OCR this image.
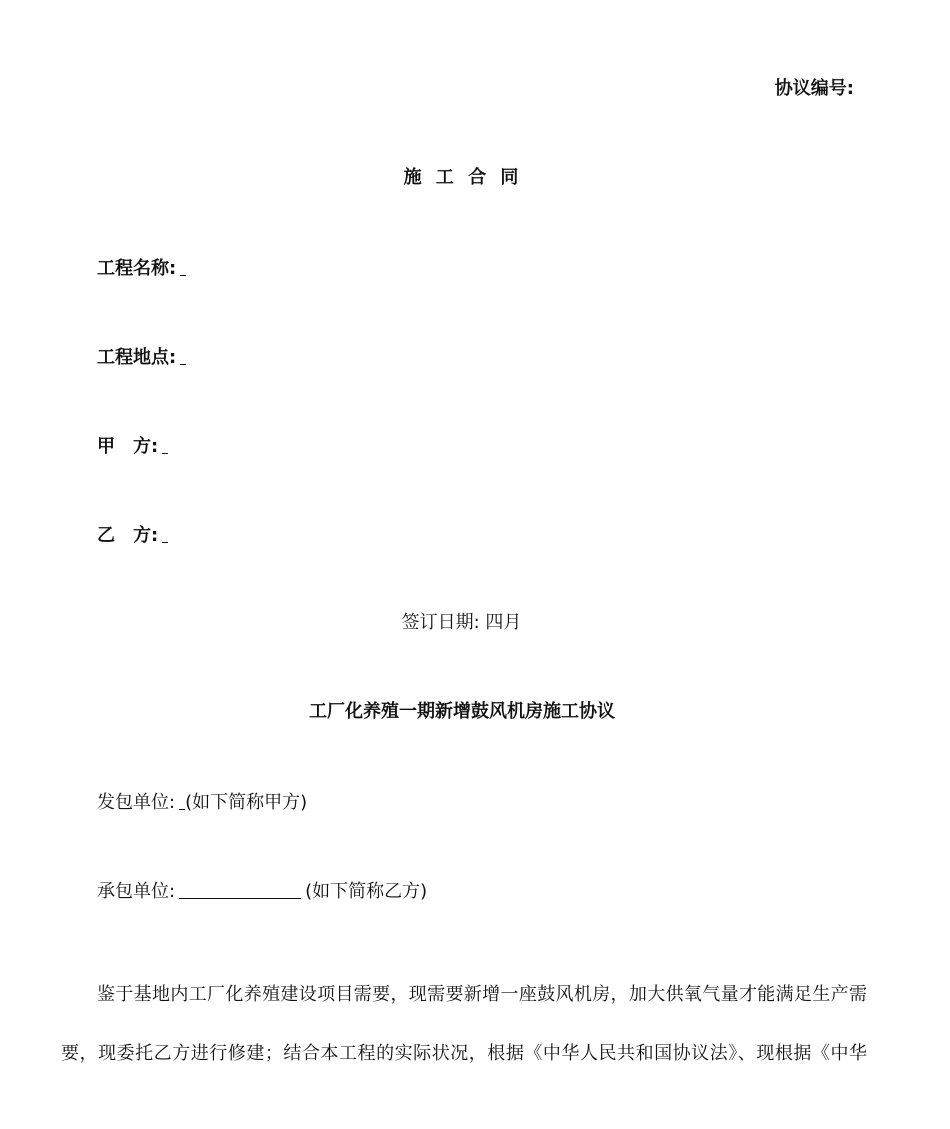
协议编号:
施 工 合 同
工程名称:
工程地点:
甲　方:
乙　方:
签订日期: 四月
工厂化养殖一期新增鼓风机房施工协议
发包单位: (如下简称甲方)
承包单位:	(如下简称乙方)
鉴于基地内工厂化养殖建设项目需要，现需要新增一座鼓风机房，加大供氧气量才能满足生产需
要，现委托乙方进行修建；结合本工程的实际状况，根据《中华人民共和国协议法》、现根据《中华
